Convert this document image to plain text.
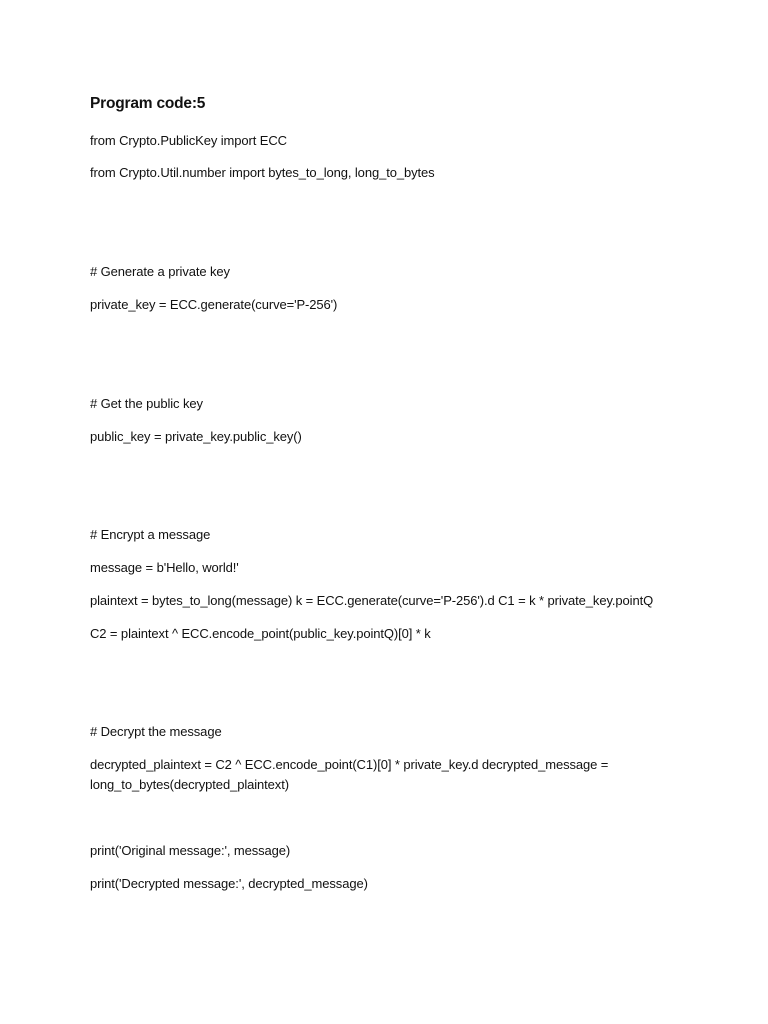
Program code:5
from Crypto.PublicKey import ECC
from Crypto.Util.number import bytes_to_long, long_to_bytes
# Generate a private key
private_key = ECC.generate(curve='P-256')
# Get the public key
public_key = private_key.public_key()
# Encrypt a message
message = b'Hello, world!'
plaintext = bytes_to_long(message) k = ECC.generate(curve='P-256').d C1 = k * private_key.pointQ
C2 = plaintext ^ ECC.encode_point(public_key.pointQ)[0] * k
# Decrypt the message
decrypted_plaintext = C2 ^ ECC.encode_point(C1)[0] * private_key.d decrypted_message = long_to_bytes(decrypted_plaintext)
print('Original message:', message)
print('Decrypted message:', decrypted_message)
